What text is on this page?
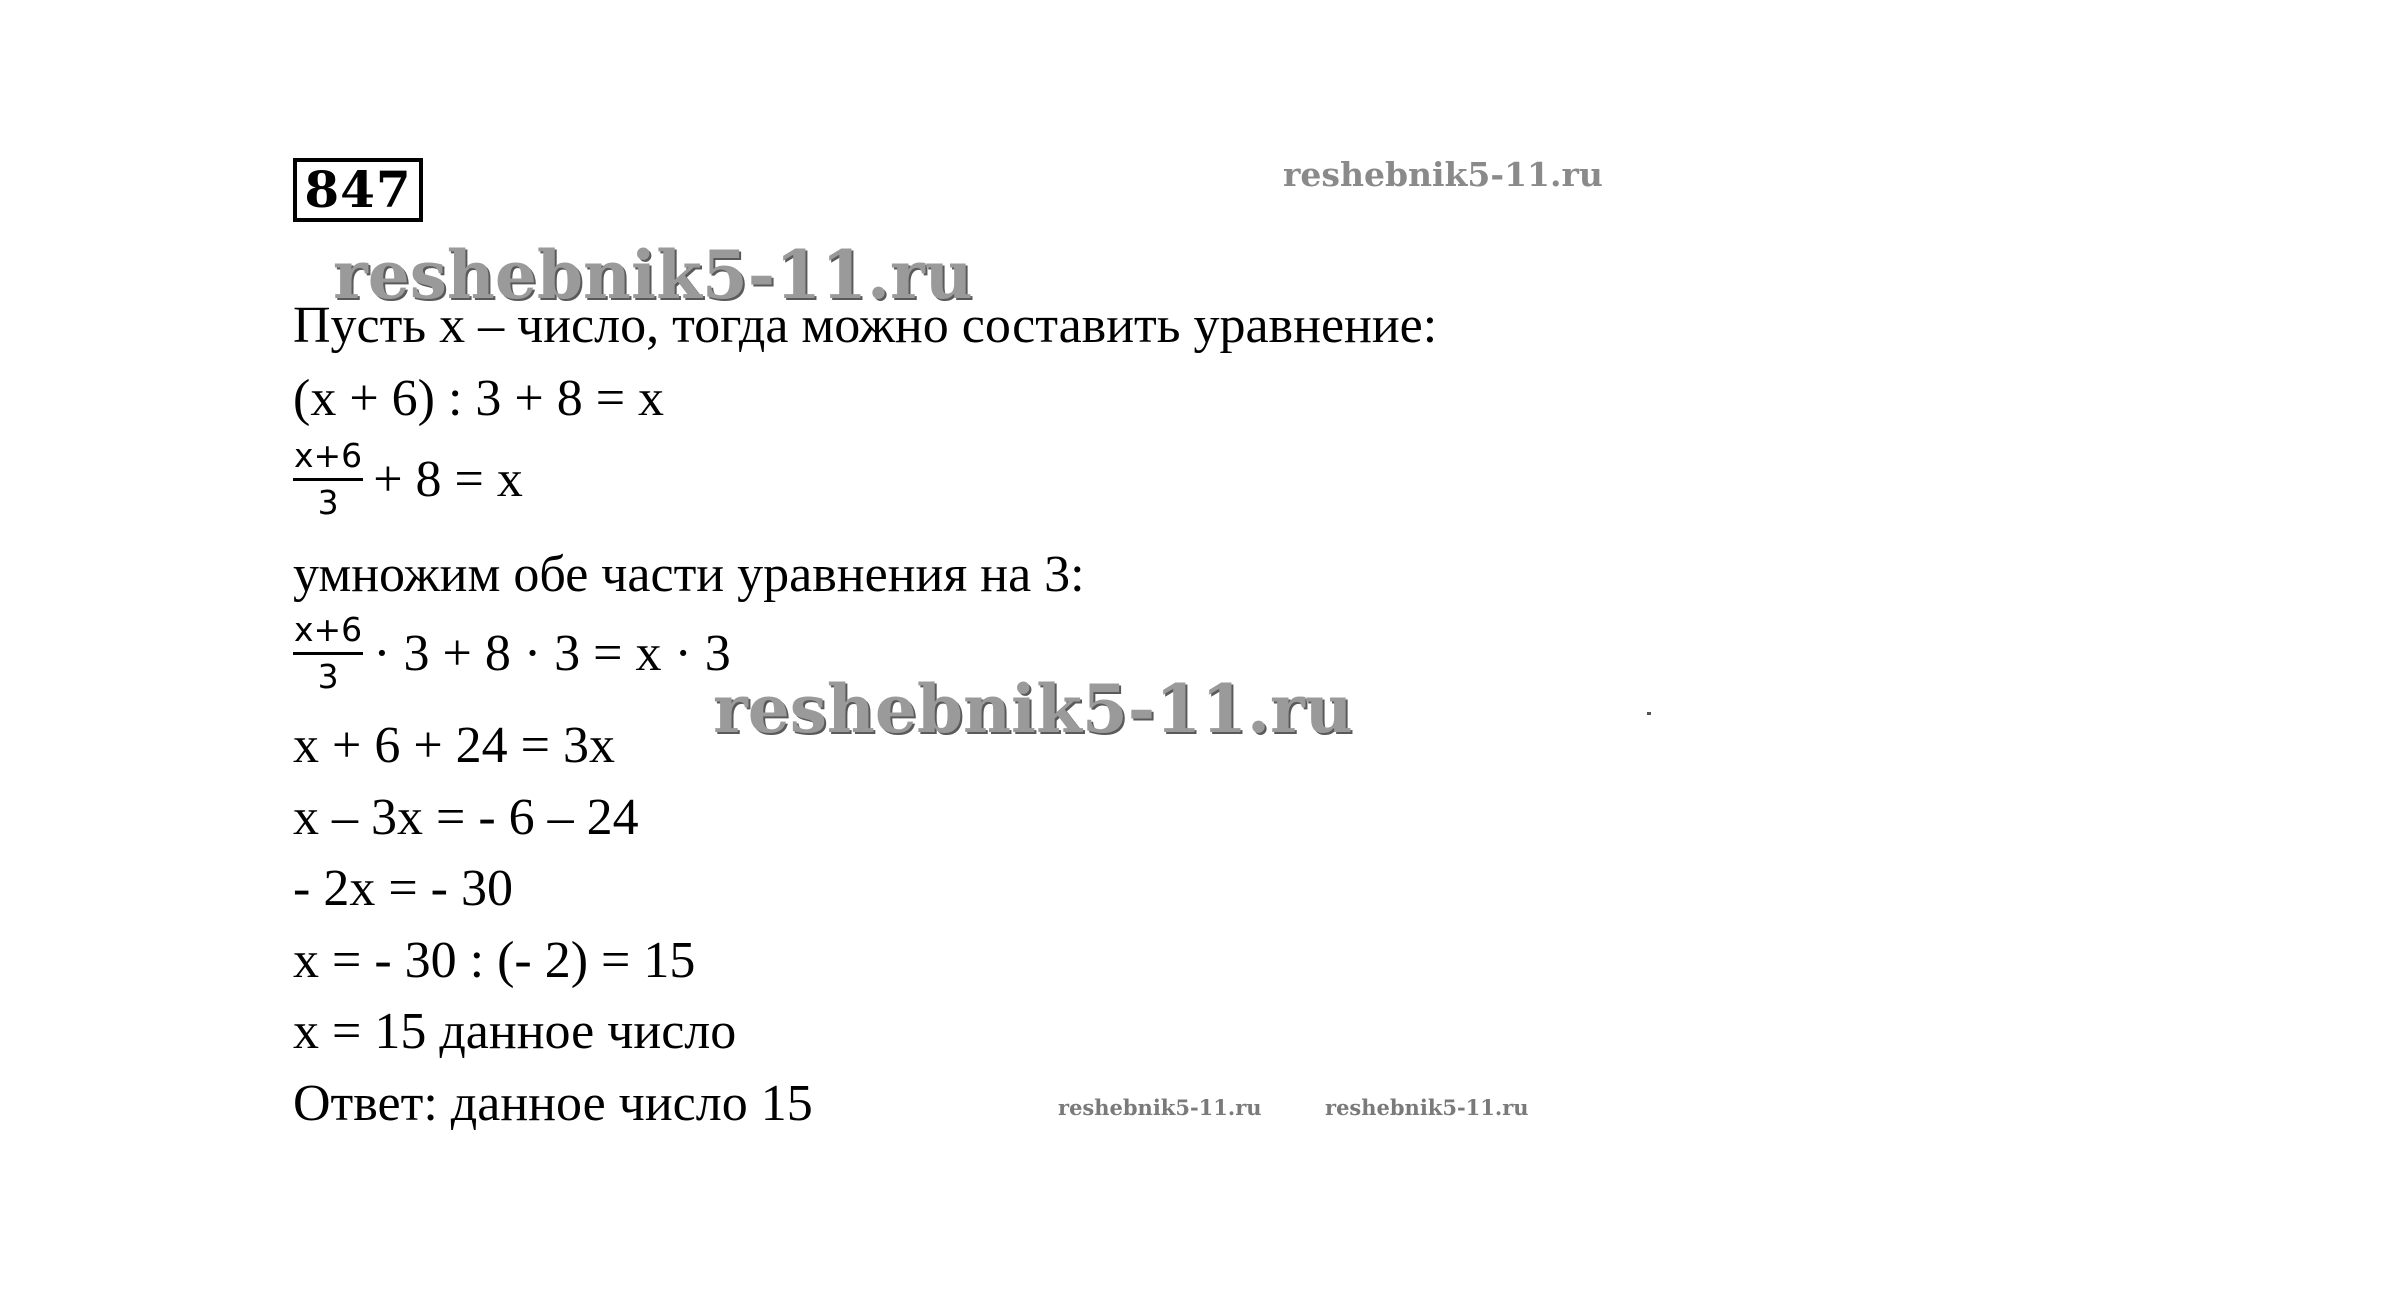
847	reshebnik5-11.ru
reshebnik5-11.ru
Пусть х – число, тогда можно составить уравнение:
(х + 6) : 3 + 8 = х
$\frac{x+6}{3} + 8 = х$
умножим обе части уравнения на 3:
$\frac{x+6}{3} \cdot 3 + 8 \cdot 3 = х \cdot 3$
reshebnik5-11.ru
х + 6 + 24 = 3х
х – 3х = - 6 – 24
- 2х = - 30
х = - 30 : (- 2) = 15
х = 15 данное число
Ответ: данное число 15	reshebnik5-11.ru	reshebnik5-11.ru
